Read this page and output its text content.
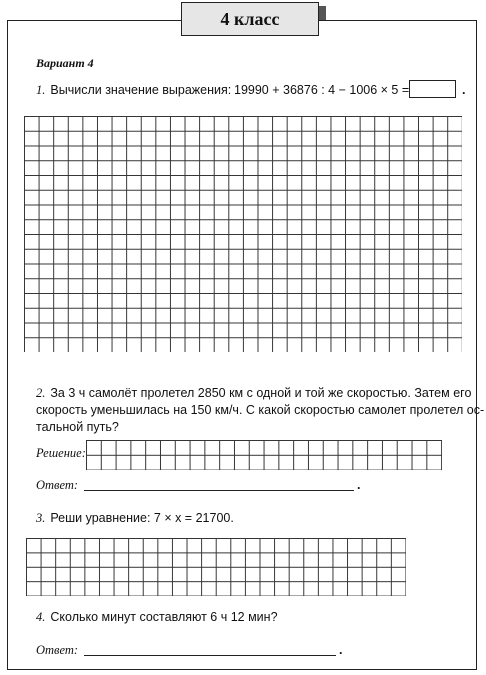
4 класс
Вариант 4
1. Вычисли значение выражения: 19990 + 36876 : 4 − 1006 × 5 =	.
2. За 3 ч самолёт пролетел 2850 км с одной и той же скоростью. Затем его
скорость уменьшилась на 150 км/ч. С какой скоростью самолет пролетел ос-
тальной путь?
Решение:
Ответ:	.
3. Реши уравнение: 7 × x = 21700.
4. Сколько минут составляют 6 ч 12 мин?
Ответ:	.
